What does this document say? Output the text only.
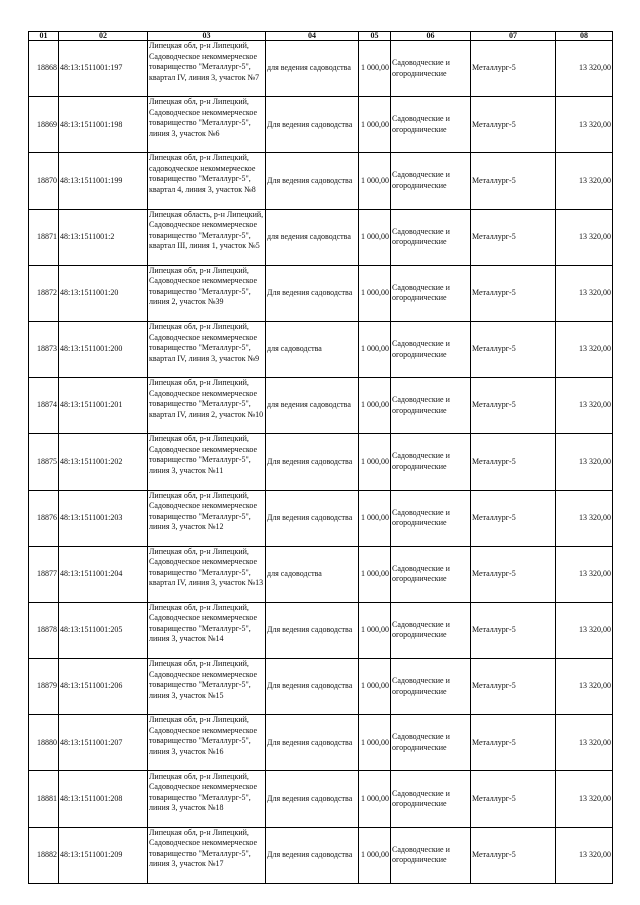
01	02	03	04	05	06	07	08
18868	48:13:1511001:197	Липецкая обл, р-н Липецкий, Садоводческое некоммерческое товарищество "Металлург-5", квартал IV, линия 3, участок №7	для ведения садоводства	1 000,00	Садоводческие и огороднические	Металлург-5	13 320,00
18869	48:13:1511001:198	Липецкая обл, р-н Липецкий, Садоводческое некоммерческое товарищество "Металлург-5", линия 3, участок №6	Для ведения садоводства	1 000,00	Садоводческие и огороднические	Металлург-5	13 320,00
18870	48:13:1511001:199	Липецкая обл, р-н Липецкий, садоводческое некоммерческое товарищество "Металлург-5", квартал 4, линия 3, участок №8	Для ведения садоводства	1 000,00	Садоводческие и огороднические	Металлург-5	13 320,00
18871	48:13:1511001:2	Липецкая область, р-н Липецкий, Садоводческое некоммерческое товарищество "Металлург-5", квартал III, линия 1, участок №5	для ведения садоводства	1 000,00	Садоводческие и огороднические	Металлург-5	13 320,00
18872	48:13:1511001:20	Липецкая обл, р-н Липецкий, Садоводческое некоммерческое товарищество "Металлург-5", линия 2, участок №39	Для ведения садоводства	1 000,00	Садоводческие и огороднические	Металлург-5	13 320,00
18873	48:13:1511001:200	Липецкая обл, р-н Липецкий, Садоводческое некоммерческое товарищество "Металлург-5", квартал IV, линия 3, участок №9	для садоводства	1 000,00	Садоводческие и огороднические	Металлург-5	13 320,00
18874	48:13:1511001:201	Липецкая обл, р-н Липецкий, Садоводческое некоммерческое товарищество "Металлург-5", квартал IV, линия 2, участок №10	для ведения садоводства	1 000,00	Садоводческие и огороднические	Металлург-5	13 320,00
18875	48:13:1511001:202	Липецкая обл, р-н Липецкий, Садоводческое некоммерческое товарищество "Металлург-5", линия 3, участок №11	Для ведения садоводства	1 000,00	Садоводческие и огороднические	Металлург-5	13 320,00
18876	48:13:1511001:203	Липецкая обл, р-н Липецкий, Садоводческое некоммерческое товарищество "Металлург-5", линия 3, участок №12	Для ведения садоводства	1 000,00	Садоводческие и огороднические	Металлург-5	13 320,00
18877	48:13:1511001:204	Липецкая обл, р-н Липецкий, Садоводческое некоммерческое товарищество "Металлург-5", квартал IV, линия 3, участок №13	для садоводства	1 000,00	Садоводческие и огороднические	Металлург-5	13 320,00
18878	48:13:1511001:205	Липецкая обл, р-н Липецкий, Садоводческое некоммерческое товарищество "Металлург-5", линия 3, участок №14	Для ведения садоводства	1 000,00	Садоводческие и огороднические	Металлург-5	13 320,00
18879	48:13:1511001:206	Липецкая обл, р-н Липецкий, Садоводческое некоммерческое товарищество "Металлург-5", линия 3, участок №15	Для ведения садоводства	1 000,00	Садоводческие и огороднические	Металлург-5	13 320,00
18880	48:13:1511001:207	Липецкая обл, р-н Липецкий, Садоводческое некоммерческое товарищество "Металлург-5", линия 3, участок №16	Для ведения садоводства	1 000,00	Садоводческие и огороднические	Металлург-5	13 320,00
18881	48:13:1511001:208	Липецкая обл, р-н Липецкий, Садоводческое некоммерческое товарищество "Металлург-5", линия 3, участок №18	Для ведения садоводства	1 000,00	Садоводческие и огороднические	Металлург-5	13 320,00
18882	48:13:1511001:209	Липецкая обл, р-н Липецкий, Садоводческое некоммерческое товарищество "Металлург-5", линия 3, участок №17	Для ведения садоводства	1 000,00	Садоводческие и огороднические	Металлург-5	13 320,00
